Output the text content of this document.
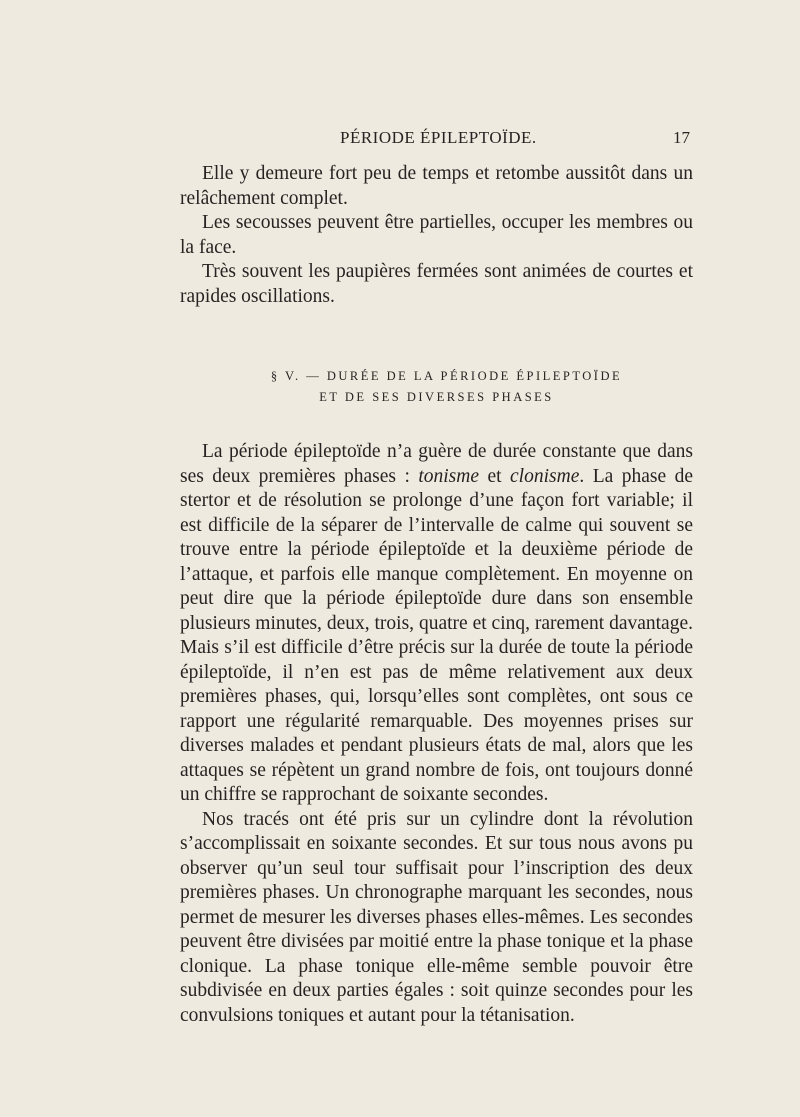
PÉRIODE ÉPILEPTOÏDE.	17

Elle y demeure fort peu de temps et retombe aussitôt dans un relâchement complet.

Les secousses peuvent être partielles, occuper les membres ou la face.

Très souvent les paupières fermées sont animées de courtes et rapides oscillations.

§ V. — DURÉE DE LA PÉRIODE ÉPILEPTOÏDE
ET DE SES DIVERSES PHASES

La période épileptoïde n’a guère de durée constante que dans ses deux premières phases : tonisme et clonisme. La phase de stertor et de résolution se prolonge d’une façon fort variable; il est difficile de la séparer de l’intervalle de calme qui souvent se trouve entre la période épileptoïde et la deuxième période de l’attaque, et parfois elle manque complètement. En moyenne on peut dire que la période épileptoïde dure dans son ensemble plusieurs minutes, deux, trois, quatre et cinq, rarement davantage. Mais s’il est difficile d’être précis sur la durée de toute la période épileptoïde, il n’en est pas de même relativement aux deux premières phases, qui, lorsqu’elles sont complètes, ont sous ce rapport une régularité remarquable. Des moyennes prises sur diverses malades et pendant plusieurs états de mal, alors que les attaques se répètent un grand nombre de fois, ont toujours donné un chiffre se rapprochant de soixante secondes.

Nos tracés ont été pris sur un cylindre dont la révolution s’accomplissait en soixante secondes. Et sur tous nous avons pu observer qu’un seul tour suffisait pour l’inscription des deux premières phases. Un chronographe marquant les secondes, nous permet de mesurer les diverses phases elles-mêmes. Les secondes peuvent être divisées par moitié entre la phase tonique et la phase clonique. La phase tonique elle-même semble pouvoir être subdivisée en deux parties égales : soit quinze secondes pour les convulsions toniques et autant pour la tétanisation.
